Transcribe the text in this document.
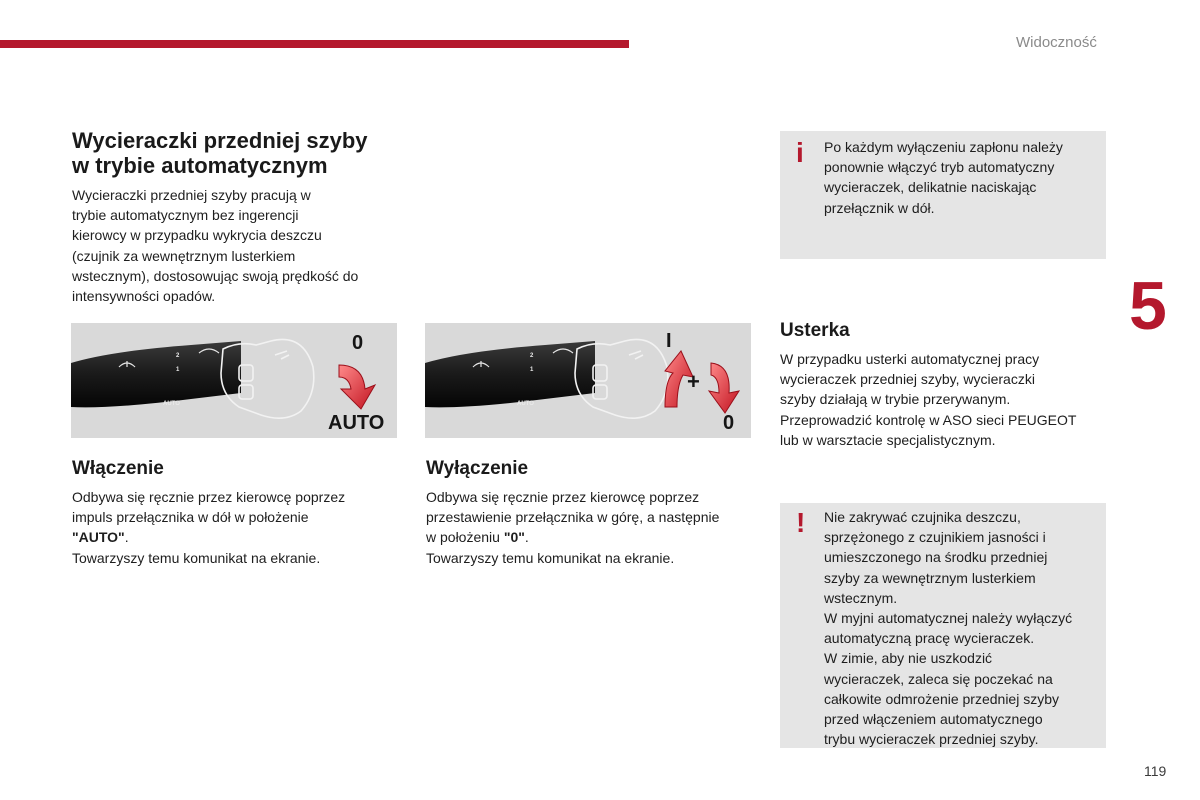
Widoczność
5
119
Wycieraczki przedniej szyby
w trybie automatycznym

Wycieraczki przedniej szyby pracują w
trybie automatycznym bez ingerencji
kierowcy w przypadku wykrycia deszczu
(czujnik za wewnętrznym lusterkiem
wstecznym), dostosowując swoją prędkość do
intensywności opadów.

2
1
AUTO
0
AUTO
2
1
AUTO
I
+
0
Włączenie

Odbywa się ręcznie przez kierowcę poprzez
impuls przełącznika w dół w położenie
"AUTO".
Towarzyszy temu komunikat na ekranie.

Wyłączenie

Odbywa się ręcznie przez kierowcę poprzez
przestawienie przełącznika w górę, a następnie
w położeniu "0".
Towarzyszy temu komunikat na ekranie.

i Po każdym wyłączeniu zapłonu należy
ponownie włączyć tryb automatyczny
wycieraczek, delikatnie naciskając
przełącznik w dół.

Usterka

W przypadku usterki automatycznej pracy
wycieraczek przedniej szyby, wycieraczki
szyby działają w trybie przerywanym.
Przeprowadzić kontrolę w ASO sieci PEUGEOT
lub w warsztacie specjalistycznym.

! Nie zakrywać czujnika deszczu,
sprzężonego z czujnikiem jasności i
umieszczonego na środku przedniej
szyby za wewnętrznym lusterkiem
wstecznym.
W myjni automatycznej należy wyłączyć
automatyczną pracę wycieraczek.
W zimie, aby nie uszkodzić
wycieraczek, zaleca się poczekać na
całkowite odmrożenie przedniej szyby
przed włączeniem automatycznego
trybu wycieraczek przedniej szyby.
